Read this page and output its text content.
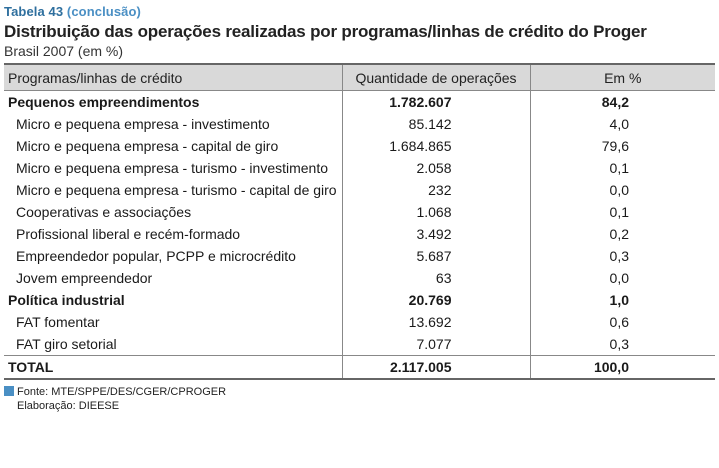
Tabela 43 (conclusão)
Distribuição das operações realizadas por programas/linhas de crédito do Proger
Brasil 2007 (em %)
Programas/linhas de crédito	Quantidade de operações	Em %
Pequenos empreendimentos	1.782.607	84,2
Micro e pequena empresa - investimento	85.142	4,0
Micro e pequena empresa - capital de giro	1.684.865	79,6
Micro e pequena empresa - turismo - investimento	2.058	0,1
Micro e pequena empresa - turismo - capital de giro	232	0,0
Cooperativas e associações	1.068	0,1
Profissional liberal e recém-formado	3.492	0,2
Empreendedor popular, PCPP e microcrédito	5.687	0,3
Jovem empreendedor	63	0,0
Política industrial	20.769	1,0
FAT fomentar	13.692	0,6
FAT giro setorial	7.077	0,3
TOTAL	2.117.005	100,0
Fonte: MTE/SPPE/DES/CGER/CPROGER
Elaboração: DIEESE
